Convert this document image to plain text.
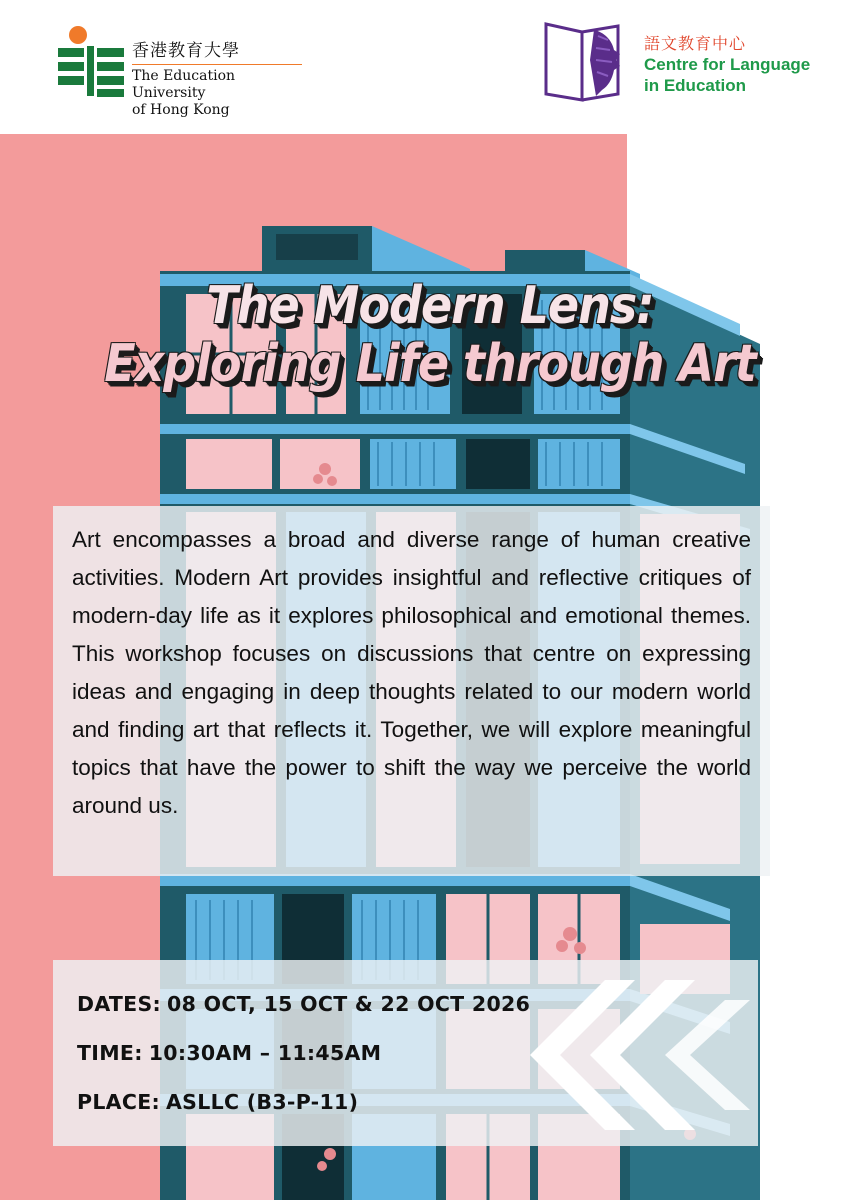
香港教育大學
The Education University
of Hong Kong
語文教育中心
Centre for Language
in Education
The Modern Lens:
Exploring Life through Art

Art encompasses a broad and diverse range of human creative activities. Modern Art provides insightful and reflective critiques of modern-day life as it explores philosophical and emotional themes. This workshop focuses on discussions that centre on expressing ideas and engaging in deep thoughts related to our modern world and finding art that reflects it. Together, we will explore meaningful topics that have the power to shift the way we perceive the world around us.

DATES: 08 OCT, 15 OCT & 22 OCT 2026
TIME: 10:30AM – 11:45AM
PLACE: ASLLC (B3-P-11)
